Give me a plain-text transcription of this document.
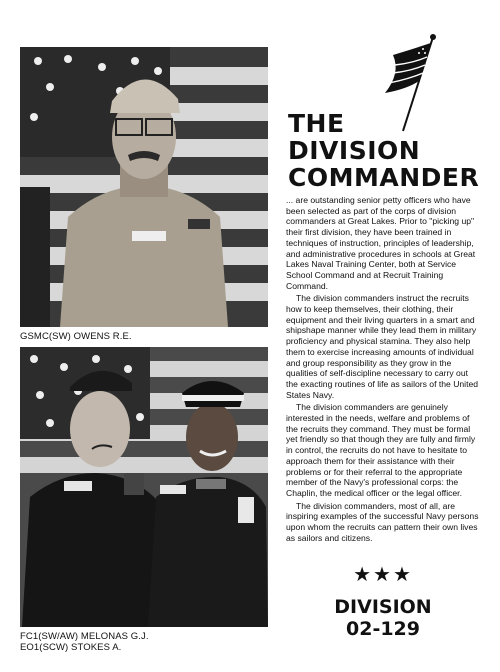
GSMC(SW) OWENS R.E.
FC1(SW/AW) MELONAS G.J.
EO1(SCW) STOKES A.
THE
DIVISION
COMMANDER

... are outstanding senior petty officers who have been selected as part of the corps of division commanders at Great Lakes. Prior to "picking up" their first division, they have been trained in techniques of instruction, principles of leadership, and administrative procedures in schools at Great Lakes Naval Training Center, both at Service School Command and at Recruit Training Command.

The division commanders instruct the recruits how to keep themselves, their clothing, their equipment and their living quarters in a smart and shipshape manner while they lead them in military proficiency and physical stamina. They also help them to exercise increasing amounts of individual and group responsibility as they grow in the qualities of self-discipline necessary to carry out the exacting routines of life as sailors of the United States Navy.

The division commanders are genuinely interested in the needs, welfare and problems of the recruits they command. They must be formal yet friendly so that though they are fully and firmly in control, the recruits do not have to hesitate to approach them for their assistance with their problems or for their referral to the appropriate member of the Navy's professional corps: the Chaplin, the medical officer or the legal officer.

The division commanders, most of all, are inspiring examples of the successful Navy persons upon whom the recruits can pattern their own lives as sailors and citizens.

★★★
DIVISION
02-129
